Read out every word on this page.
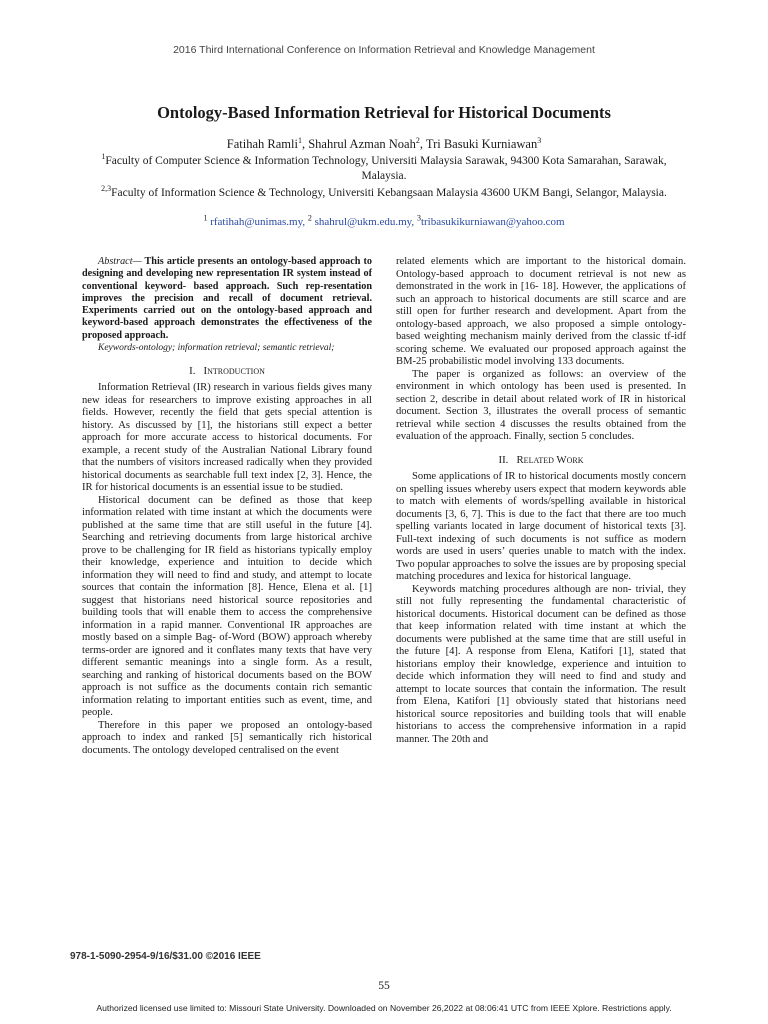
2016 Third International Conference on Information Retrieval and Knowledge Management
Ontology-Based Information Retrieval for Historical Documents
Fatihah Ramli$^1$, Shahrul Azman Noah$^2$, Tri Basuki Kurniawan$^3$
$^1$Faculty of Computer Science & Information Technology, Universiti Malaysia Sarawak, 94300 Kota Samarahan, Sarawak, Malaysia.
$^{2,3}$Faculty of Information Science & Technology, Universiti Kebangsaan Malaysia 43600 UKM Bangi, Selangor, Malaysia.
$^1$ rfatihah@unimas.my, $^2$ shahrul@ukm.edu.my, $^3$tribasukikurniawan@yahoo.com

Abstract— This article presents an ontology-based approach to designing and developing new representation IR system instead of conventional keyword- based approach. Such rep-resentation improves the precision and recall of document retrieval. Experiments carried out on the ontology-based approach and keyword-based approach demonstrates the effectiveness of the proposed approach.

Keywords-ontology; information retrieval; semantic retrieval;

I. Introduction

Information Retrieval (IR) research in various fields gives many new ideas for researchers to improve existing approaches in all fields. However, recently the field that gets special attention is history. As discussed by [1], the historians still expect a better approach for more accurate access to historical documents. For example, a recent study of the Australian National Library found that the numbers of visitors increased radically when they provided historical documents as searchable full text index [2, 3]. Hence, the IR for historical documents is an essential issue to be studied.

Historical document can be defined as those that keep information related with time instant at which the documents were published at the same time that are still useful in the future [4]. Searching and retrieving documents from large historical archive prove to be challenging for IR field as historians typically employ their knowledge, experience and intuition to decide which information they will need to find and study, and attempt to locate sources that contain the information [8]. Hence, Elena et al. [1] suggest that historians need historical source repositories and building tools that will enable them to access the comprehensive information in a rapid manner. Conventional IR approaches are mostly based on a simple Bag- of-Word (BOW) approach whereby terms-order are ignored and it conflates many texts that have very different semantic meanings into a single form. As a result, searching and ranking of historical documents based on the BOW approach is not suffice as the documents contain rich semantic information relating to important entities such as event, time, and people.

Therefore in this paper we proposed an ontology-based approach to index and ranked [5] semantically rich historical documents. The ontology developed centralised on the event

related elements which are important to the historical domain. Ontology-based approach to document retrieval is not new as demonstrated in the work in [16- 18]. However, the applications of such an approach to historical documents are still scarce and are still open for further research and development. Apart from the ontology-based approach, we also proposed a simple ontology- based weighting mechanism mainly derived from the classic tf-idf scoring scheme. We evaluated our proposed approach against the BM-25 probabilistic model involving 133 documents.

The paper is organized as follows: an overview of the environment in which ontology has been used is presented. In section 2, describe in detail about related work of IR in historical document. Section 3, illustrates the overall process of semantic retrieval while section 4 discusses the results obtained from the evaluation of the approach. Finally, section 5 concludes.

II. Related Work

Some applications of IR to historical documents mostly concern on spelling issues whereby users expect that modern keywords able to match with elements of words/spelling available in historical documents [3, 6, 7]. This is due to the fact that there are too much spelling variants located in large document of historical texts [3]. Full-text indexing of such documents is not suffice as modern words are used in users’ queries unable to match with the index. Two popular approaches to solve the issues are by proposing special matching procedures and lexica for historical language.

Keywords matching procedures although are non- trivial, they still not fully representing the fundamental characteristic of historical documents. Historical document can be defined as those that keep information related with time instant at which the documents were published at the same time that are still useful in the future [4]. A response from Elena, Katifori [1], stated that historians employ their knowledge, experience and intuition to decide which information they will need to find and study and attempt to locate sources that contain the information. The result from Elena, Katifori [1] obviously stated that historians need historical source repositories and building tools that will enable historians to access the comprehensive information in a rapid manner. The 20th and

978-1-5090-2954-9/16/$31.00 ©2016 IEEE
55
Authorized licensed use limited to: Missouri State University. Downloaded on November 26,2022 at 08:06:41 UTC from IEEE Xplore. Restrictions apply.
